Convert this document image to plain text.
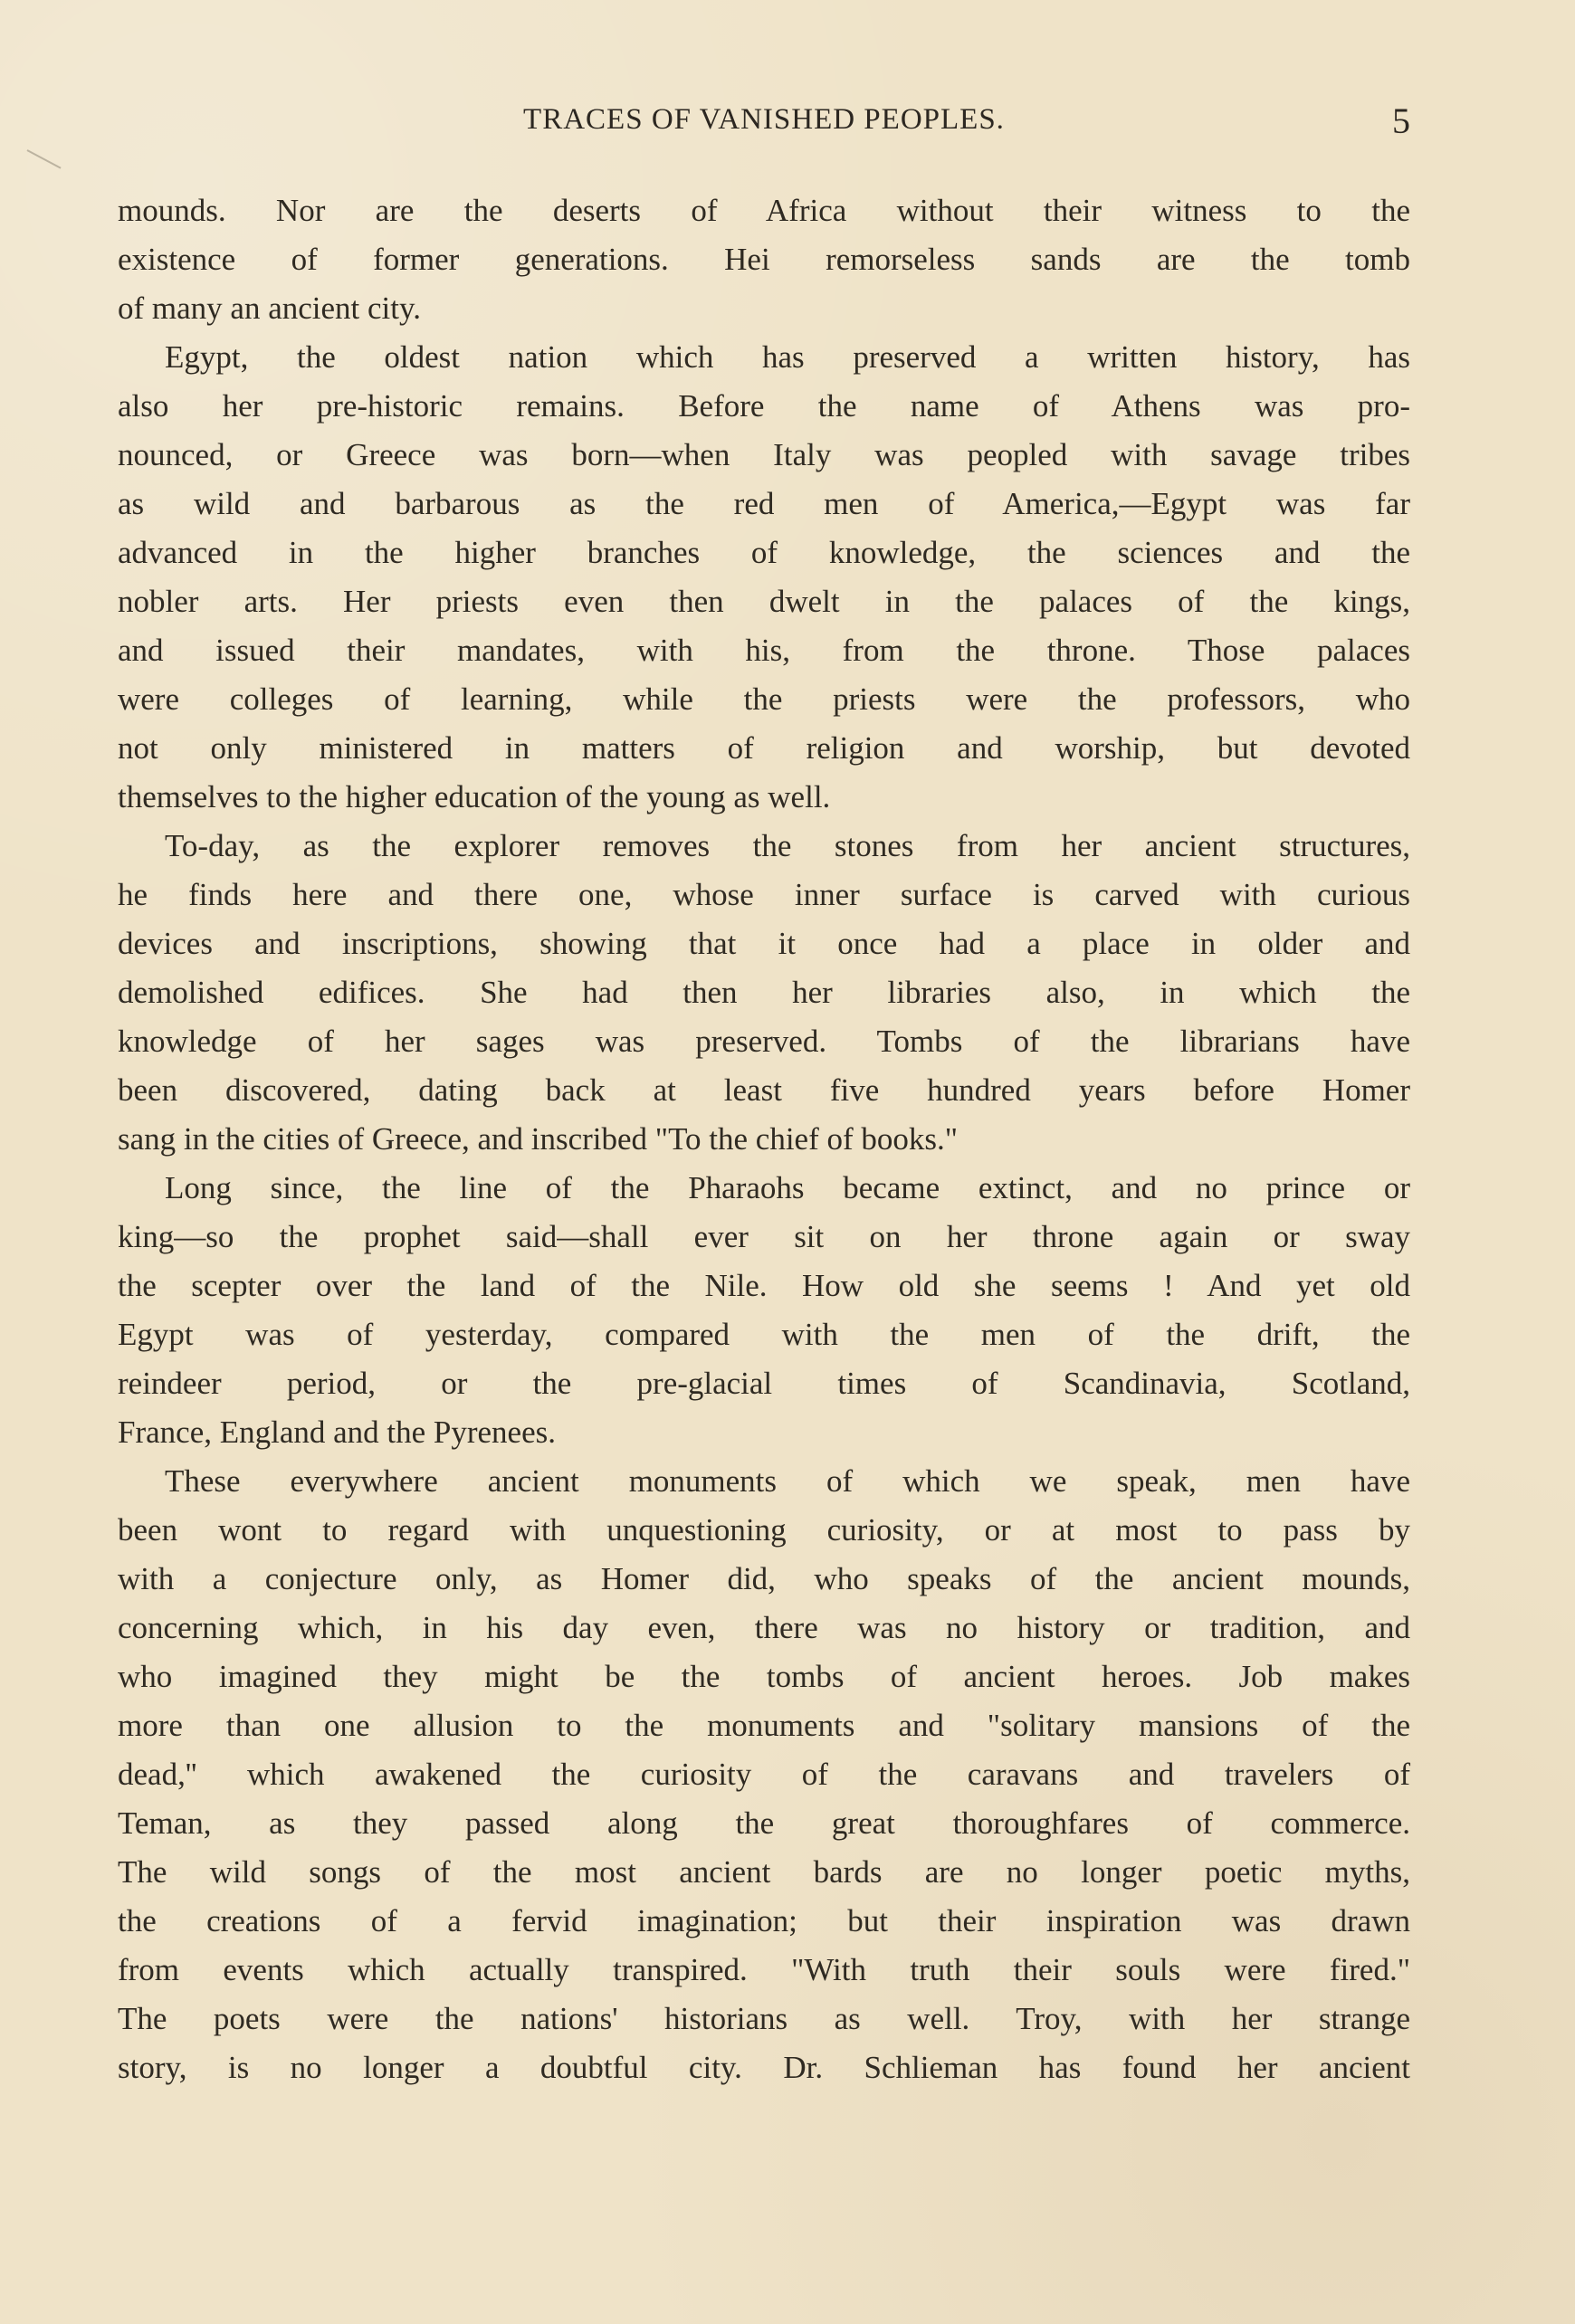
TRACES OF VANISHED PEOPLES.	5
mounds. Nor are the deserts of Africa without their witness to the
existence of former generations. Hei remorseless sands are the tomb
of many an ancient city.
Egypt, the oldest nation which has preserved a written history, has
also her pre-historic remains. Before the name of Athens was pro-
nounced, or Greece was born—when Italy was peopled with savage tribes
as wild and barbarous as the red men of America,—Egypt was far
advanced in the higher branches of knowledge, the sciences and the
nobler arts. Her priests even then dwelt in the palaces of the kings,
and issued their mandates, with his, from the throne. Those palaces
were colleges of learning, while the priests were the professors, who
not only ministered in matters of religion and worship, but devoted
themselves to the higher education of the young as well.
To-day, as the explorer removes the stones from her ancient structures,
he finds here and there one, whose inner surface is carved with curious
devices and inscriptions, showing that it once had a place in older and
demolished edifices. She had then her libraries also, in which the
knowledge of her sages was preserved. Tombs of the librarians have
been discovered, dating back at least five hundred years before Homer
sang in the cities of Greece, and inscribed "To the chief of books."
Long since, the line of the Pharaohs became extinct, and no prince or
king—so the prophet said—shall ever sit on her throne again or sway
the scepter over the land of the Nile. How old she seems ! And yet old
Egypt was of yesterday, compared with the men of the drift, the
reindeer period, or the pre-glacial times of Scandinavia, Scotland,
France, England and the Pyrenees.
These everywhere ancient monuments of which we speak, men have
been wont to regard with unquestioning curiosity, or at most to pass by
with a conjecture only, as Homer did, who speaks of the ancient mounds,
concerning which, in his day even, there was no history or tradition, and
who imagined they might be the tombs of ancient heroes. Job makes
more than one allusion to the monuments and "solitary mansions of the
dead,'' which awakened the curiosity of the caravans and travelers of
Teman, as they passed along the great thoroughfares of commerce.
The wild songs of the most ancient bards are no longer poetic myths,
the creations of a fervid imagination; but their inspiration was drawn
from events which actually transpired. "With truth their souls were fired."
The poets were the nations' historians as well. Troy, with her strange
story, is no longer a doubtful city. Dr. Schlieman has found her ancient
